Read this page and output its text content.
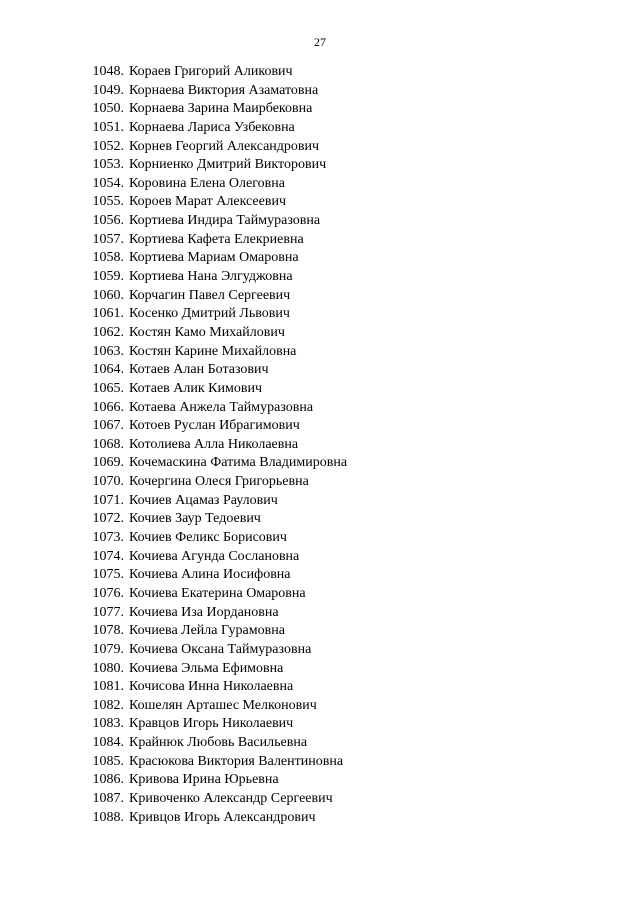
27
1048. Кораев Григорий Аликович
1049. Корнаева Виктория Азаматовна
1050. Корнаева Зарина Маирбековна
1051. Корнаева Лариса Узбековна
1052. Корнев Георгий Александрович
1053. Корниенко Дмитрий Викторович
1054. Коровина Елена Олеговна
1055. Короев Марат Алексеевич
1056. Кортиева Индира Таймуразовна
1057. Кортиева Кафета Елекриевна
1058. Кортиева Мариам Омаровна
1059. Кортиева Нана Элгуджовна
1060. Корчагин Павел Сергеевич
1061. Косенко Дмитрий Львович
1062. Костян Камо Михайлович
1063. Костян Карине Михайловна
1064. Котаев Алан Ботазович
1065. Котаев Алик Кимович
1066. Котаева Анжела Таймуразовна
1067. Котоев Руслан Ибрагимович
1068. Котолиева Алла Николаевна
1069. Кочемаскина Фатима Владимировна
1070. Кочергина Олеся Григорьевна
1071. Кочиев Ацамаз Раулович
1072. Кочиев Заур Тедоевич
1073. Кочиев Феликс Борисович
1074. Кочиева Агунда Сослановна
1075. Кочиева Алина Иосифовна
1076. Кочиева Екатерина Омаровна
1077. Кочиева Иза Иордановна
1078. Кочиева Лейла Гурамовна
1079. Кочиева Оксана Таймуразовна
1080. Кочиева Эльма Ефимовна
1081. Кочисова Инна Николаевна
1082. Кошелян Арташес Мелконович
1083. Кравцов Игорь Николаевич
1084. Крайнюк Любовь Васильевна
1085. Красюкова Виктория Валентиновна
1086. Кривова Ирина Юрьевна
1087. Кривоченко Александр Сергеевич
1088. Кривцов Игорь Александрович
